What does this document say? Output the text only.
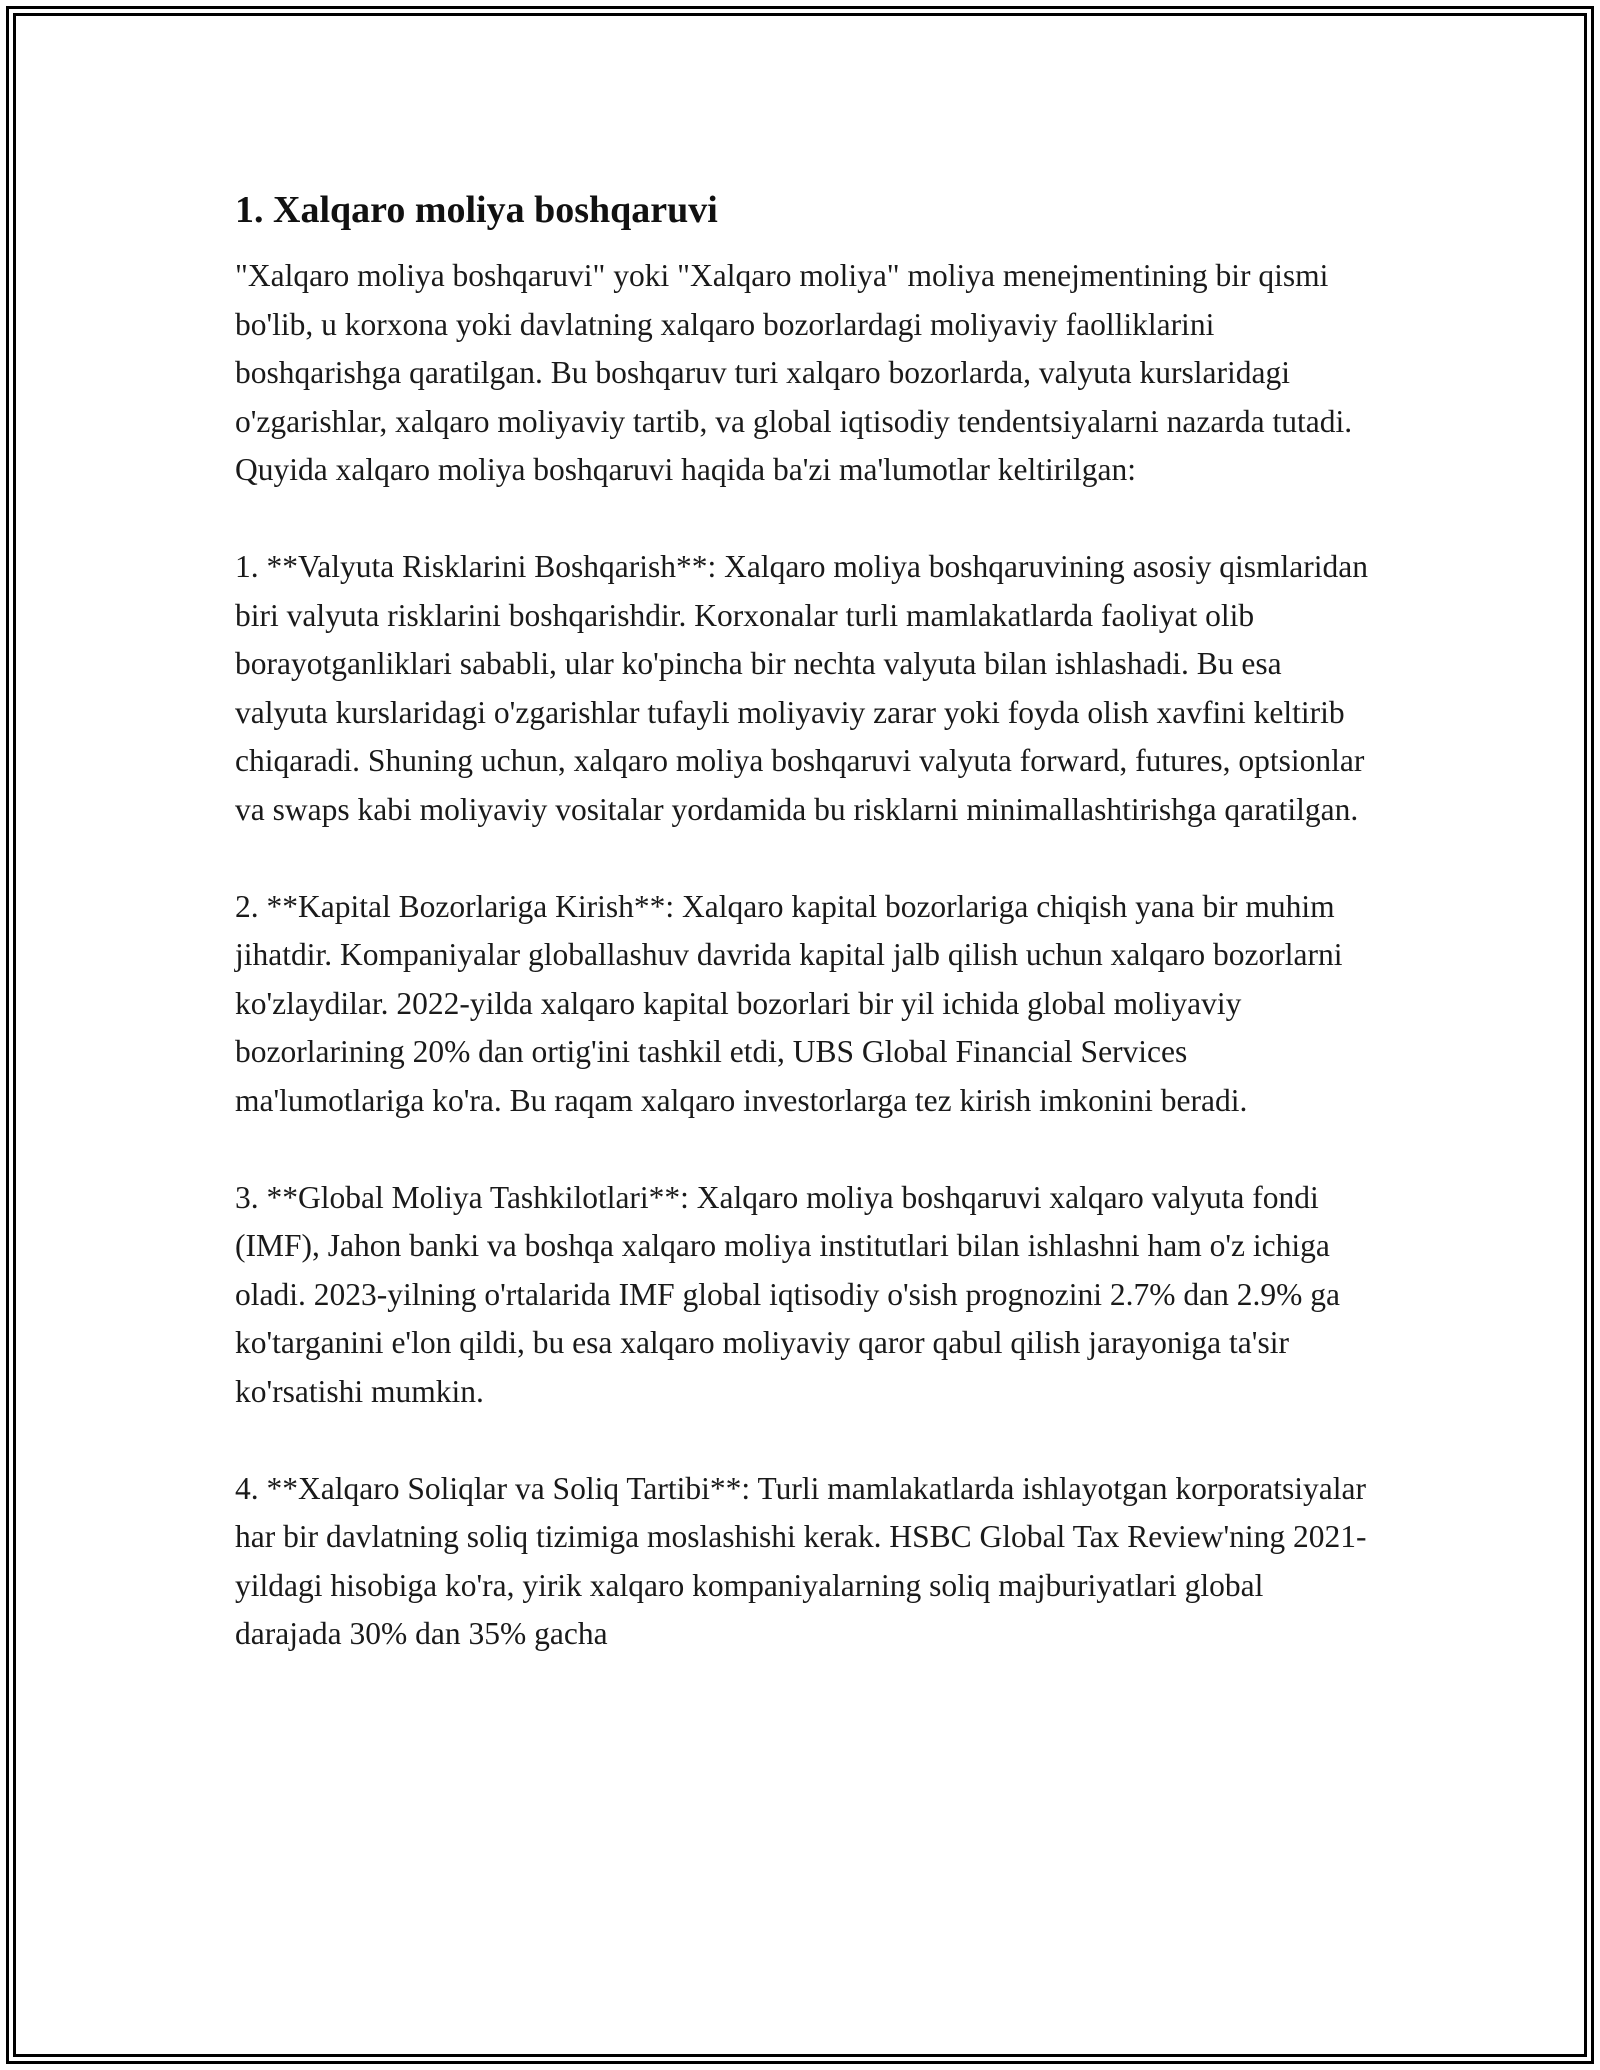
1. Xalqaro moliya boshqaruvi

"Xalqaro moliya boshqaruvi" yoki "Xalqaro moliya" moliya menejmentining bir qismi bo'lib, u korxona yoki davlatning xalqaro bozorlardagi moliyaviy faolliklarini boshqarishga qaratilgan. Bu boshqaruv turi xalqaro bozorlarda, valyuta kurslaridagi o'zgarishlar, xalqaro moliyaviy tartib, va global iqtisodiy tendentsiyalarni nazarda tutadi. Quyida xalqaro moliya boshqaruvi haqida ba'zi ma'lumotlar keltirilgan:

1. **Valyuta Risklarini Boshqarish**: Xalqaro moliya boshqaruvining asosiy qismlaridan biri valyuta risklarini boshqarishdir. Korxonalar turli mamlakatlarda faoliyat olib borayotganliklari sababli, ular ko'pincha bir nechta valyuta bilan ishlashadi. Bu esa valyuta kurslaridagi o'zgarishlar tufayli moliyaviy zarar yoki foyda olish xavfini keltirib chiqaradi. Shuning uchun, xalqaro moliya boshqaruvi valyuta forward, futures, optsionlar va swaps kabi moliyaviy vositalar yordamida bu risklarni minimallashtirishga qaratilgan.

2. **Kapital Bozorlariga Kirish**: Xalqaro kapital bozorlariga chiqish yana bir muhim jihatdir. Kompaniyalar globallashuv davrida kapital jalb qilish uchun xalqaro bozorlarni ko'zlaydilar. 2022-yilda xalqaro kapital bozorlari bir yil ichida global moliyaviy bozorlarining 20% dan ortig'ini tashkil etdi, UBS Global Financial Services ma'lumotlariga ko'ra. Bu raqam xalqaro investorlarga tez kirish imkonini beradi.

3. **Global Moliya Tashkilotlari**: Xalqaro moliya boshqaruvi xalqaro valyuta fondi (IMF), Jahon banki va boshqa xalqaro moliya institutlari bilan ishlashni ham o'z ichiga oladi. 2023-yilning o'rtalarida IMF global iqtisodiy o'sish prognozini 2.7% dan 2.9% ga ko'targanini e'lon qildi, bu esa xalqaro moliyaviy qaror qabul qilish jarayoniga ta'sir ko'rsatishi mumkin.

4. **Xalqaro Soliqlar va Soliq Tartibi**: Turli mamlakatlarda ishlayotgan korporatsiyalar har bir davlatning soliq tizimiga moslashishi kerak. HSBC Global Tax Review'ning 2021-yildagi hisobiga ko'ra, yirik xalqaro kompaniyalarning soliq majburiyatlari global darajada 30% dan 35% gacha
